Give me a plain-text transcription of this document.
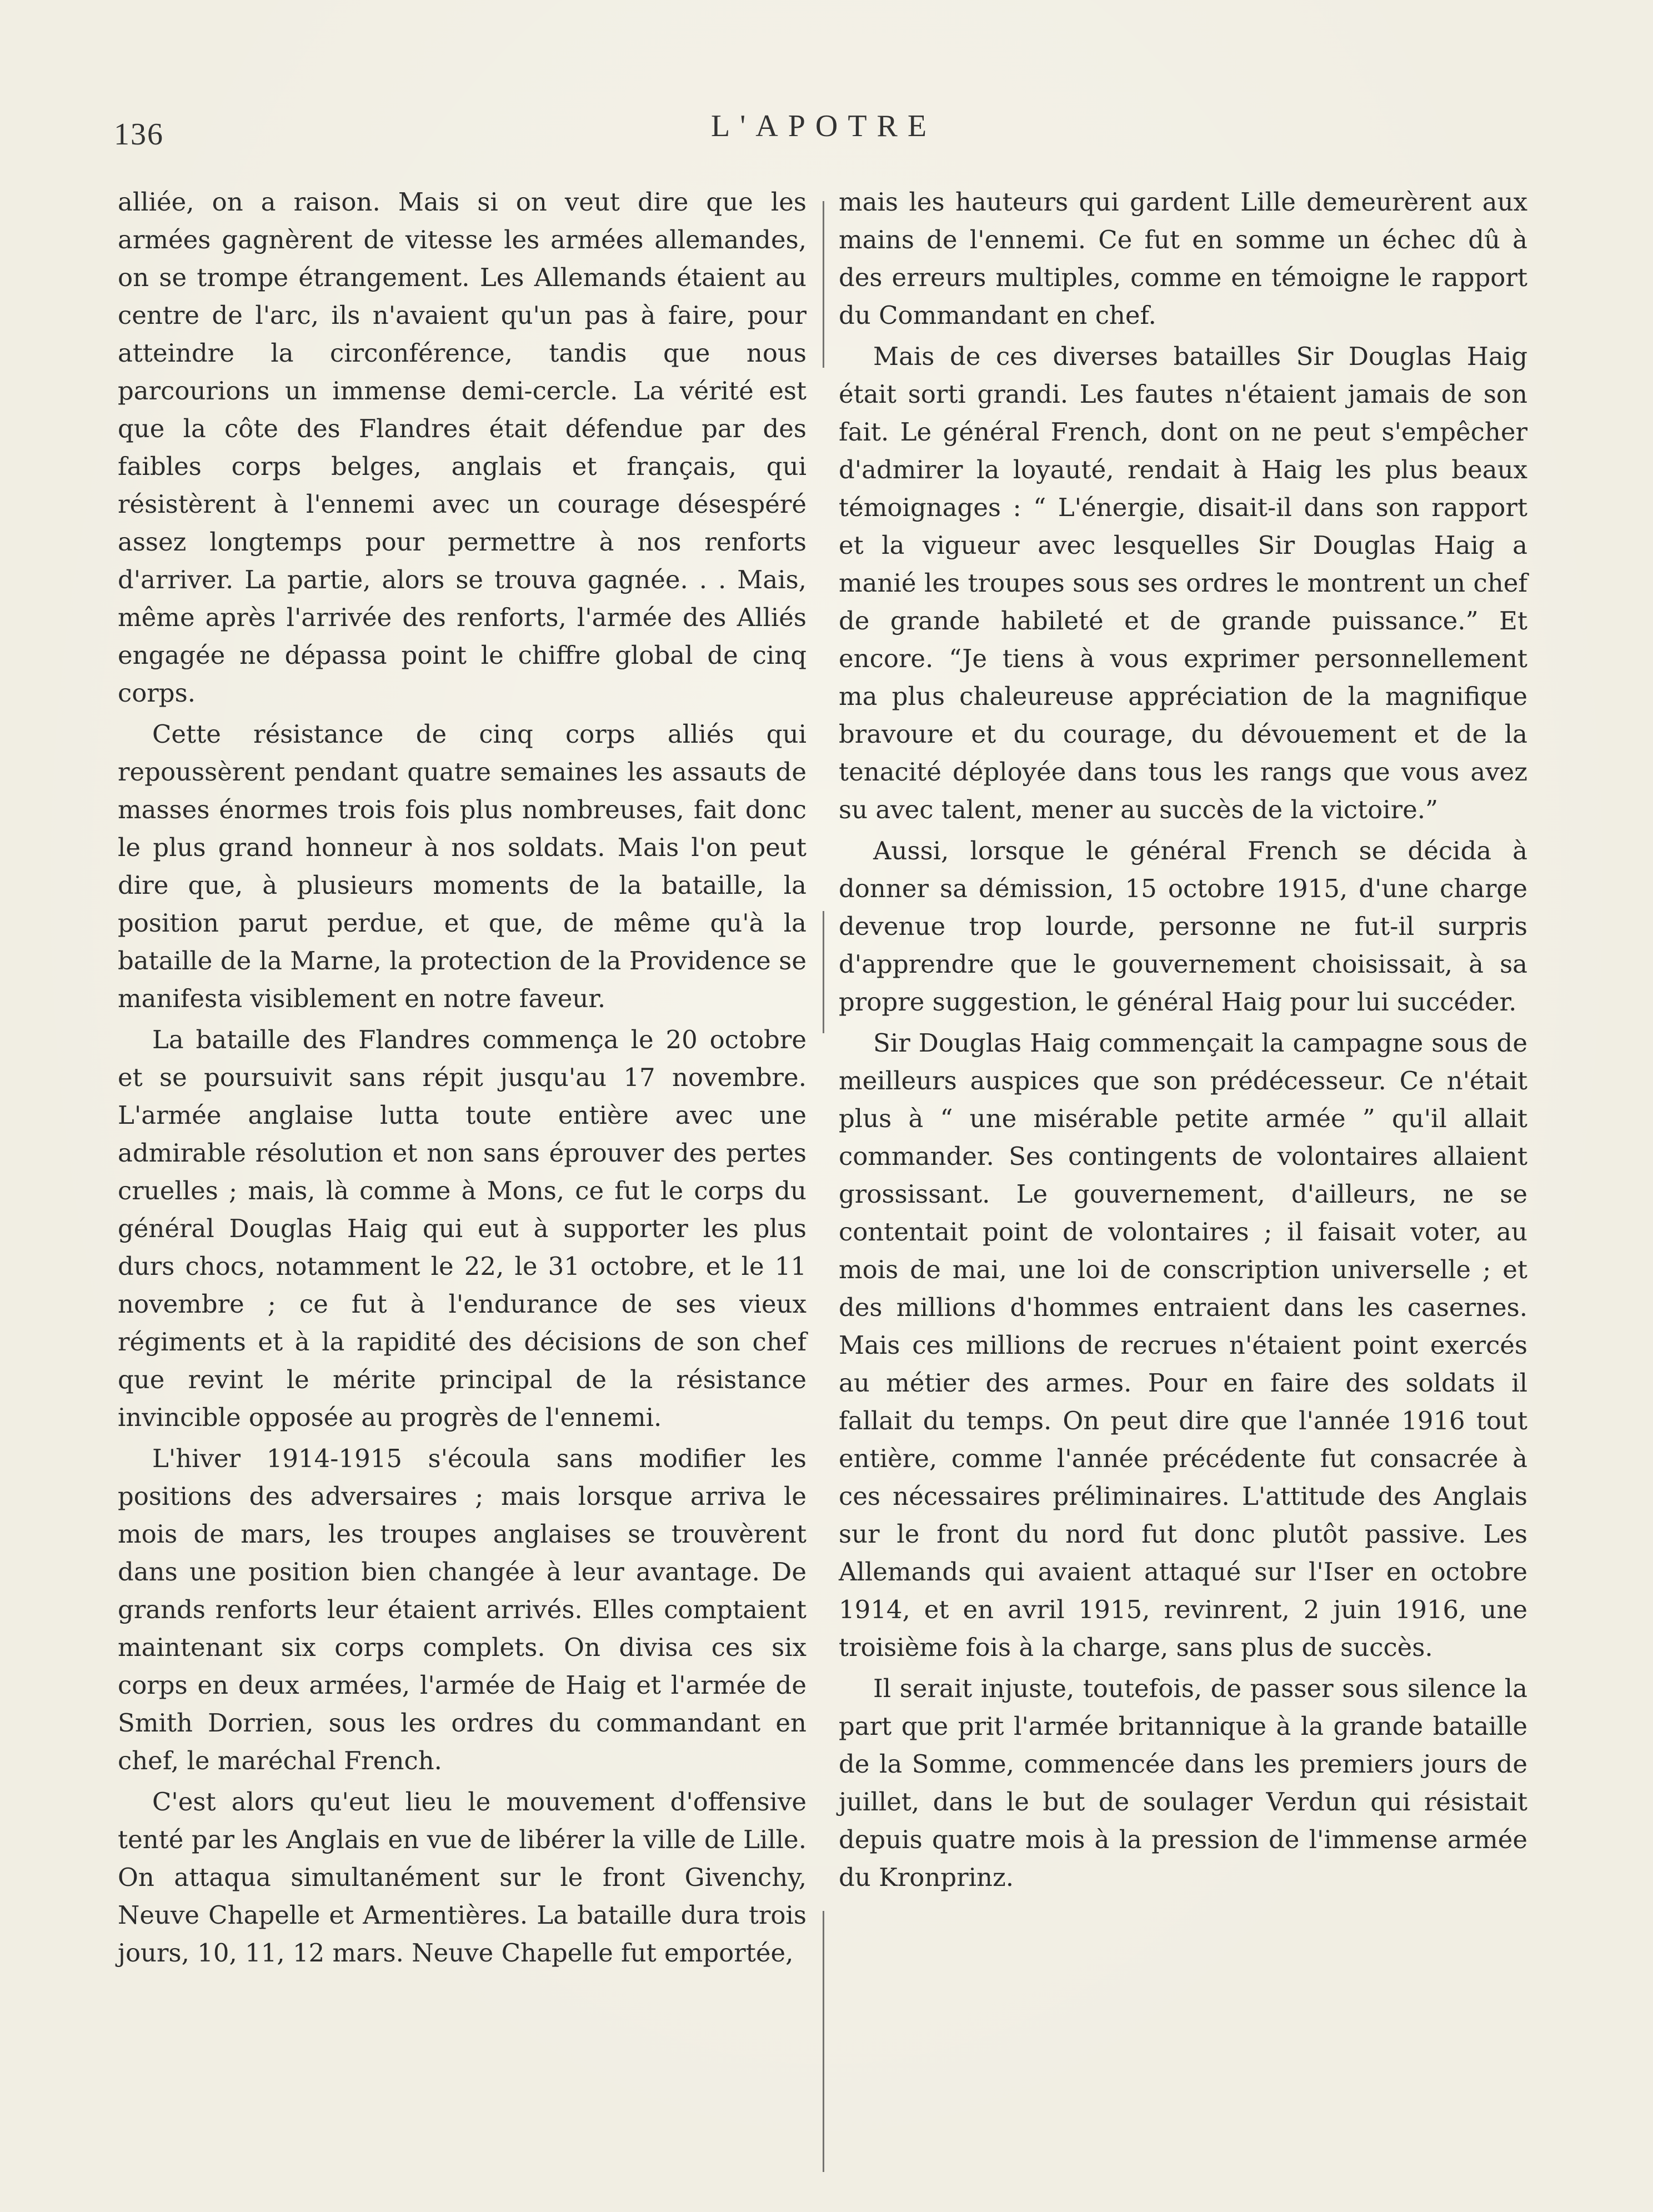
136	L'APOTRE

alliée, on a raison. Mais si on veut dire que les armées gagnèrent de vitesse les armées allemandes, on se trompe étrangement. Les Allemands étaient au centre de l'arc, ils n'avaient qu'un pas à faire, pour atteindre la circonférence, tandis que nous parcourions un immense demi-cercle. La vérité est que la côte des Flandres était défendue par des faibles corps belges, anglais et français, qui résistèrent à l'ennemi avec un courage désespéré assez longtemps pour permettre à nos renforts d'arriver. La partie, alors se trouva gagnée. . . Mais, même après l'arrivée des renforts, l'armée des Alliés engagée ne dépassa point le chiffre global de cinq corps.

Cette résistance de cinq corps alliés qui repoussèrent pendant quatre semaines les assauts de masses énormes trois fois plus nombreuses, fait donc le plus grand honneur à nos soldats. Mais l'on peut dire que, à plusieurs moments de la bataille, la position parut perdue, et que, de même qu'à la bataille de la Marne, la protection de la Providence se manifesta visiblement en notre faveur.

La bataille des Flandres commença le 20 octobre et se poursuivit sans répit jusqu'au 17 novembre. L'armée anglaise lutta toute entière avec une admirable résolution et non sans éprouver des pertes cruelles ; mais, là comme à Mons, ce fut le corps du général Douglas Haig qui eut à supporter les plus durs chocs, notamment le 22, le 31 octobre, et le 11 novembre ; ce fut à l'endurance de ses vieux régiments et à la rapidité des décisions de son chef que revint le mérite principal de la résistance invincible opposée au progrès de l'ennemi.

L'hiver 1914-1915 s'écoula sans modifier les positions des adversaires ; mais lorsque arriva le mois de mars, les troupes anglaises se trouvèrent dans une position bien changée à leur avantage. De grands renforts leur étaient arrivés. Elles comptaient maintenant six corps complets. On divisa ces six corps en deux armées, l'armée de Haig et l'armée de Smith Dorrien, sous les ordres du commandant en chef, le maréchal French.

C'est alors qu'eut lieu le mouvement d'offensive tenté par les Anglais en vue de libérer la ville de Lille. On attaqua simultanément sur le front Givenchy, Neuve Chapelle et Armentières. La bataille dura trois jours, 10, 11, 12 mars. Neuve Chapelle fut emportée,

mais les hauteurs qui gardent Lille demeurèrent aux mains de l'ennemi. Ce fut en somme un échec dû à des erreurs multiples, comme en témoigne le rapport du Commandant en chef.

Mais de ces diverses batailles Sir Douglas Haig était sorti grandi. Les fautes n'étaient jamais de son fait. Le général French, dont on ne peut s'empêcher d'admirer la loyauté, rendait à Haig les plus beaux témoignages : “ L'énergie, disait-il dans son rapport et la vigueur avec lesquelles Sir Douglas Haig a manié les troupes sous ses ordres le montrent un chef de grande habileté et de grande puissance.” Et encore. “Je tiens à vous exprimer personnellement ma plus chaleureuse appréciation de la magnifique bravoure et du courage, du dévouement et de la tenacité déployée dans tous les rangs que vous avez su avec talent, mener au succès de la victoire.”

Aussi, lorsque le général French se décida à donner sa démission, 15 octobre 1915, d'une charge devenue trop lourde, personne ne fut-il surpris d'apprendre que le gouvernement choisissait, à sa propre suggestion, le général Haig pour lui succéder.

Sir Douglas Haig commençait la campagne sous de meilleurs auspices que son prédécesseur. Ce n'était plus à “ une misérable petite armée ” qu'il allait commander. Ses contingents de volontaires allaient grossissant. Le gouvernement, d'ailleurs, ne se contentait point de volontaires ; il faisait voter, au mois de mai, une loi de conscription universelle ; et des millions d'hommes entraient dans les casernes. Mais ces millions de recrues n'étaient point exercés au métier des armes. Pour en faire des soldats il fallait du temps. On peut dire que l'année 1916 tout entière, comme l'année précédente fut consacrée à ces nécessaires préliminaires. L'attitude des Anglais sur le front du nord fut donc plutôt passive. Les Allemands qui avaient attaqué sur l'Iser en octobre 1914, et en avril 1915, revinrent, 2 juin 1916, une troisième fois à la charge, sans plus de succès.

Il serait injuste, toutefois, de passer sous silence la part que prit l'armée britannique à la grande bataille de la Somme, commencée dans les premiers jours de juillet, dans le but de soulager Verdun qui résistait depuis quatre mois à la pression de l'immense armée du Kronprinz.
